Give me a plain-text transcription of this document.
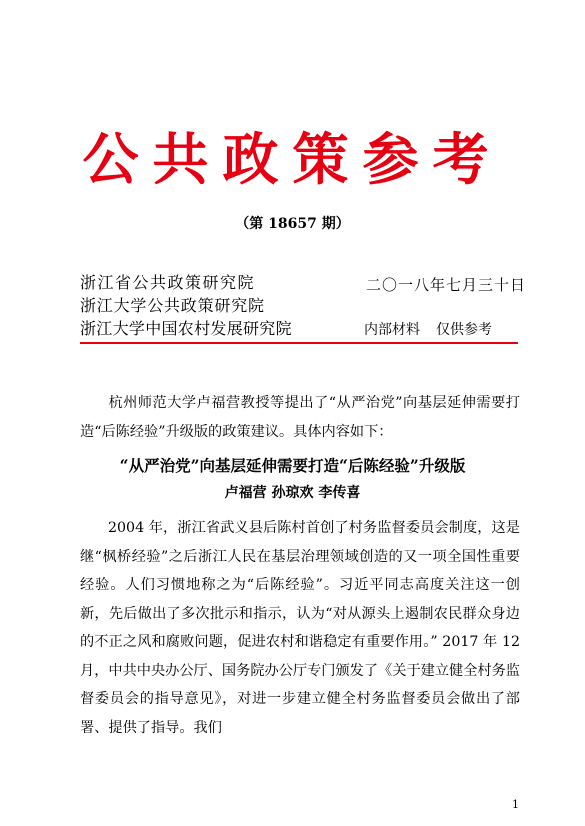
公共政策参考
（第 18657 期）
浙江省公共政策研究院
浙江大学公共政策研究院
浙江大学中国农村发展研究院
二〇一八年七月三十日
内部材料 仅供参考
杭州师范大学卢福营教授等提出了“从严治党”向基层延伸需要打造“后陈经验”升级版的政策建议。具体内容如下：
“从严治党”向基层延伸需要打造“后陈经验”升级版
卢福营 孙琼欢 李传喜
2004 年，浙江省武义县后陈村首创了村务监督委员会制度，这是继“枫桥经验”之后浙江人民在基层治理领域创造的又一项全国性重要经验。人们习惯地称之为“后陈经验”。习近平同志高度关注这一创新，先后做出了多次批示和指示，认为“对从源头上遏制农民群众身边的不正之风和腐败问题，促进农村和谐稳定有重要作用。” 2017 年 12 月，中共中央办公厅、国务院办公厅专门颁发了《关于建立健全村务监督委员会的指导意见》，对进一步建立健全村务监督委员会做出了部署、提供了指导。我们
1
